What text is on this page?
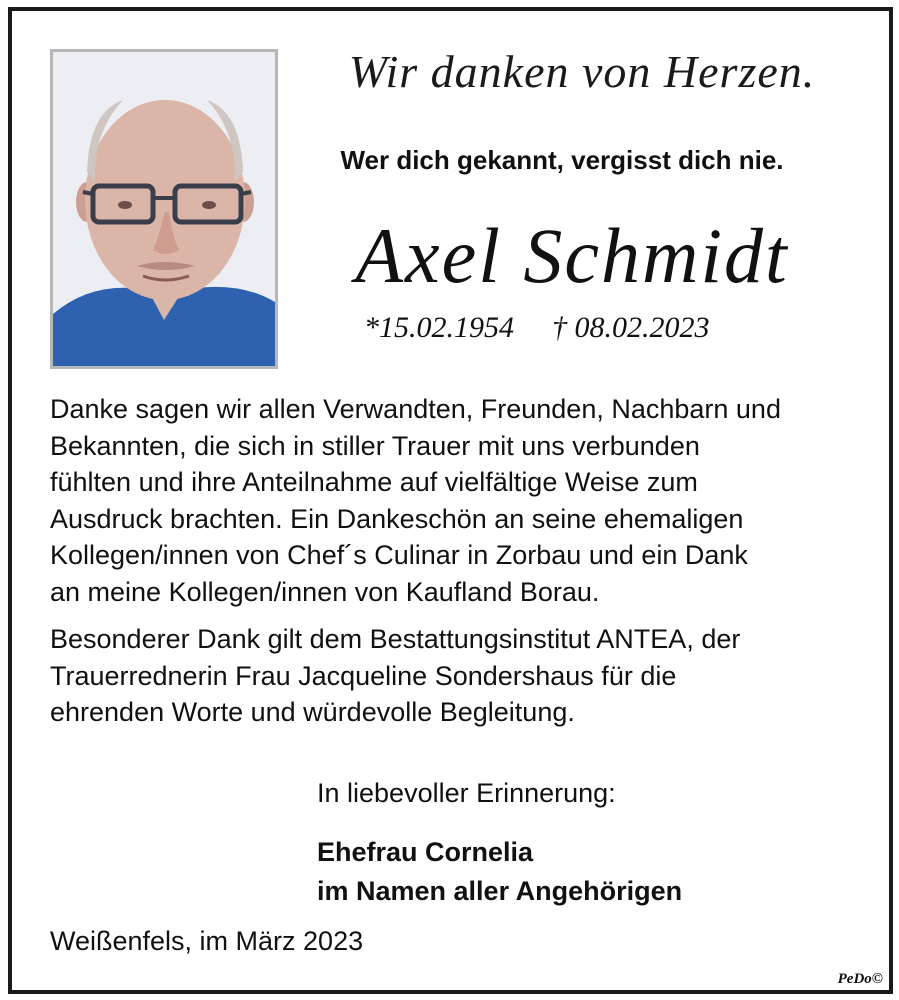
Wir danken von Herzen.
Wer dich gekannt, vergisst dich nie.
Axel Schmidt
*15.02.1954 † 08.02.2023

Danke sagen wir allen Verwandten, Freunden, Nachbarn und
Bekannten, die sich in stiller Trauer mit uns verbunden
fühlten und ihre Anteilnahme auf vielfältige Weise zum
Ausdruck brachten. Ein Dankeschön an seine ehemaligen
Kollegen/innen von Chef´s Culinar in Zorbau und ein Dank
an meine Kollegen/innen von Kaufland Borau.

Besonderer Dank gilt dem Bestattungsinstitut ANTEA, der
Trauerrednerin Frau Jacqueline Sondershaus für die
ehrenden Worte und würdevolle Begleitung.

In liebevoller Erinnerung:
Ehefrau Cornelia
im Namen aller Angehörigen
Weißenfels, im März 2023
PeDo©
